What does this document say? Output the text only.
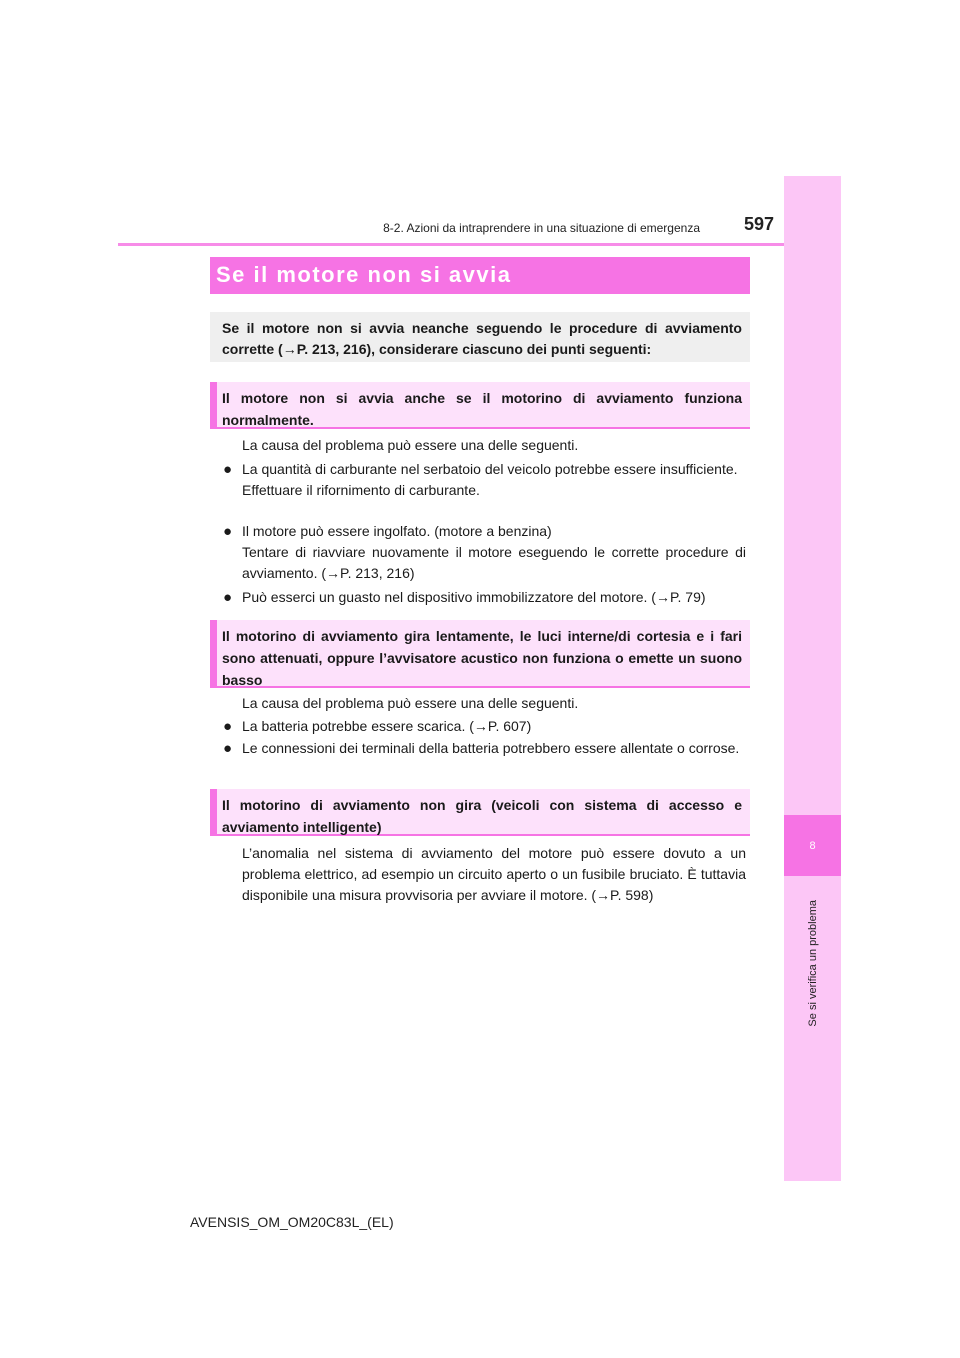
8
Se si verifica un problema
8-2. Azioni da intraprendere in una situazione di emergenza	597
Se il motore non si avvia
Se il motore non si avvia neanche seguendo le procedure di avviamento corrette (→P. 213, 216), considerare ciascuno dei punti seguenti:
Il motore non si avvia anche se il motorino di avviamento funziona normalmente.
La causa del problema può essere una delle seguenti.
● La quantità di carburante nel serbatoio del veicolo potrebbe essere insufficiente.
Effettuare il rifornimento di carburante.
● Il motore può essere ingolfato. (motore a benzina)
Tentare di riavviare nuovamente il motore eseguendo le corrette procedure di avviamento. (→P. 213, 216)
● Può esserci un guasto nel dispositivo immobilizzatore del motore. (→P. 79)
Il motorino di avviamento gira lentamente, le luci interne/di cortesia e i fari sono attenuati, oppure l’avvisatore acustico non funziona o emette un suono basso
La causa del problema può essere una delle seguenti.
● La batteria potrebbe essere scarica. (→P. 607)
● Le connessioni dei terminali della batteria potrebbero essere allentate o corrose.
Il motorino di avviamento non gira (veicoli con sistema di accesso e avviamento intelligente)
L’anomalia nel sistema di avviamento del motore può essere dovuto a un problema elettrico, ad esempio un circuito aperto o un fusibile bruciato. È tuttavia disponibile una misura provvisoria per avviare il motore. (→P. 598)
AVENSIS_OM_OM20C83L_(EL)
